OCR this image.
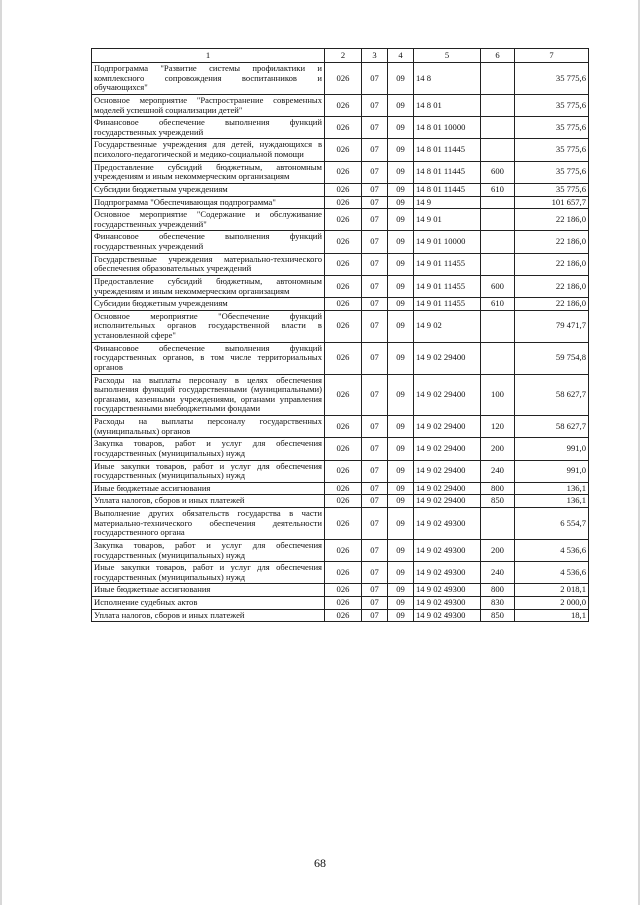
1	2	3	4	5	6	7
Подпрограмма "Развитие системы профилактики и комплексного сопровождения воспитанников и обучающихся"	026	07	09	14 8		35 775,6
Основное мероприятие "Распространение современных моделей успешной социализации детей"	026	07	09	14 8 01		35 775,6
Финансовое обеспечение выполнения функций государственных учреждений	026	07	09	14 8 01 10000		35 775,6
Государственные учреждения для детей, нуждающихся в психолого-педагогической и медико-социальной помощи	026	07	09	14 8 01 11445		35 775,6
Предоставление субсидий бюджетным, автономным учреждениям и иным некоммерческим организациям	026	07	09	14 8 01 11445	600	35 775,6
Субсидии бюджетным учреждениям	026	07	09	14 8 01 11445	610	35 775,6
Подпрограмма "Обеспечивающая подпрограмма"	026	07	09	14 9		101 657,7
Основное мероприятие "Содержание и обслуживание государственных учреждений"	026	07	09	14 9 01		22 186,0
Финансовое обеспечение выполнения функций государственных учреждений	026	07	09	14 9 01 10000		22 186,0
Государственные учреждения материально-технического обеспечения образовательных учреждений	026	07	09	14 9 01 11455		22 186,0
Предоставление субсидий бюджетным, автономным учреждениям и иным некоммерческим организациям	026	07	09	14 9 01 11455	600	22 186,0
Субсидии бюджетным учреждениям	026	07	09	14 9 01 11455	610	22 186,0
Основное мероприятие "Обеспечение функций исполнительных органов государственной власти в установленной сфере"	026	07	09	14 9 02		79 471,7
Финансовое обеспечение выполнения функций государственных органов, в том числе территориальных органов	026	07	09	14 9 02 29400		59 754,8
Расходы на выплаты персоналу в целях обеспечения выполнения функций государственными (муниципальными) органами, казенными учреждениями, органами управления государственными внебюджетными фондами	026	07	09	14 9 02 29400	100	58 627,7
Расходы на выплаты персоналу государственных (муниципальных) органов	026	07	09	14 9 02 29400	120	58 627,7
Закупка товаров, работ и услуг для обеспечения государственных (муниципальных) нужд	026	07	09	14 9 02 29400	200	991,0
Иные закупки товаров, работ и услуг для обеспечения государственных (муниципальных) нужд	026	07	09	14 9 02 29400	240	991,0
Иные бюджетные ассигнования	026	07	09	14 9 02 29400	800	136,1
Уплата налогов, сборов и иных платежей	026	07	09	14 9 02 29400	850	136,1
Выполнение других обязательств государства в части материально-технического обеспечения деятельности государственного органа	026	07	09	14 9 02 49300		6 554,7
Закупка товаров, работ и услуг для обеспечения государственных (муниципальных) нужд	026	07	09	14 9 02 49300	200	4 536,6
Иные закупки товаров, работ и услуг для обеспечения государственных (муниципальных) нужд	026	07	09	14 9 02 49300	240	4 536,6
Иные бюджетные ассигнования	026	07	09	14 9 02 49300	800	2 018,1
Исполнение судебных актов	026	07	09	14 9 02 49300	830	2 000,0
Уплата налогов, сборов и иных платежей	026	07	09	14 9 02 49300	850	18,1
68
